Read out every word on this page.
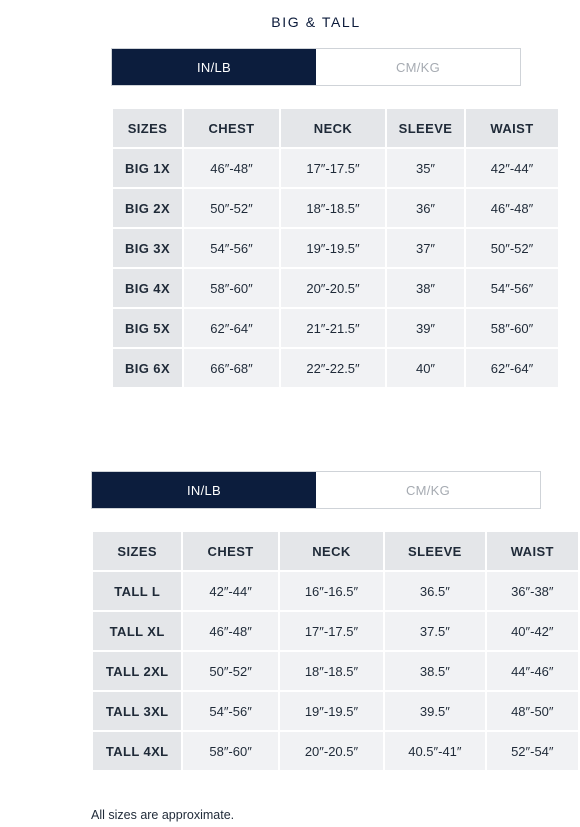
BIG & TALL
IN/LB	CM/KG
SIZES	CHEST	NECK	SLEEVE	WAIST
BIG 1X	46″-48″	17″-17.5″	35″	42″-44″
BIG 2X	50″-52″	18″-18.5″	36″	46″-48″
BIG 3X	54″-56″	19″-19.5″	37″	50″-52″
BIG 4X	58″-60″	20″-20.5″	38″	54″-56″
BIG 5X	62″-64″	21″-21.5″	39″	58″-60″
BIG 6X	66″-68″	22″-22.5″	40″	62″-64″
IN/LB	CM/KG
SIZES	CHEST	NECK	SLEEVE	WAIST
TALL L	42″-44″	16″-16.5″	36.5″	36″-38″
TALL XL	46″-48″	17″-17.5″	37.5″	40″-42″
TALL 2XL	50″-52″	18″-18.5″	38.5″	44″-46″
TALL 3XL	54″-56″	19″-19.5″	39.5″	48″-50″
TALL 4XL	58″-60″	20″-20.5″	40.5″-41″	52″-54″
All sizes are approximate.
